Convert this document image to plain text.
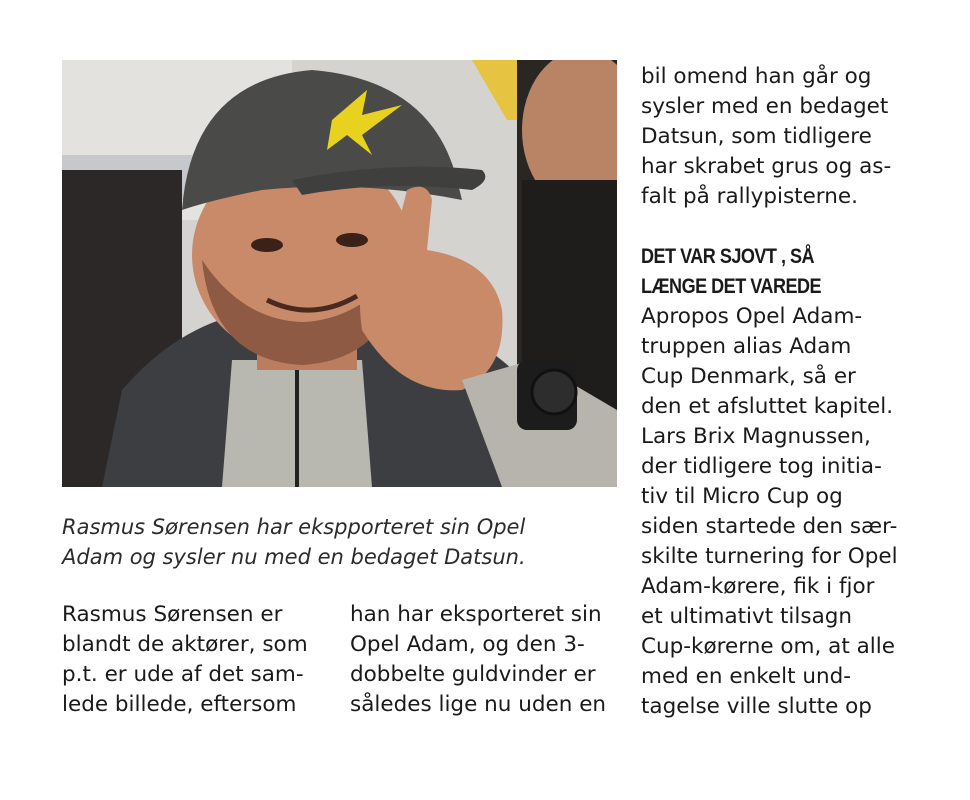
Rasmus Sørensen har ekspporteret sin Opel
Adam og sysler nu med en bedaget Datsun.
Rasmus Sørensen er
blandt de aktører, som
p.t. er ude af det sam-
lede billede, eftersom
han har eksporteret sin
Opel Adam, og den 3-
dobbelte guldvinder er
således lige nu uden en
bil omend han går og
sysler med en bedaget
Datsun, som tidligere
har skrabet grus og as-
falt på rallypisterne.
DET VAR SJOVT , SÅ
LÆNGE DET VAREDE
Apropos Opel Adam-
truppen alias Adam
Cup Denmark, så er
den et afsluttet kapitel.
Lars Brix Magnussen,
der tidligere tog initia-
tiv til Micro Cup og
siden startede den sær-
skilte turnering for Opel
Adam-kørere, fik i fjor
et ultimativt tilsagn
Cup-kørerne om, at alle
med en enkelt und-
tagelse ville slutte op
